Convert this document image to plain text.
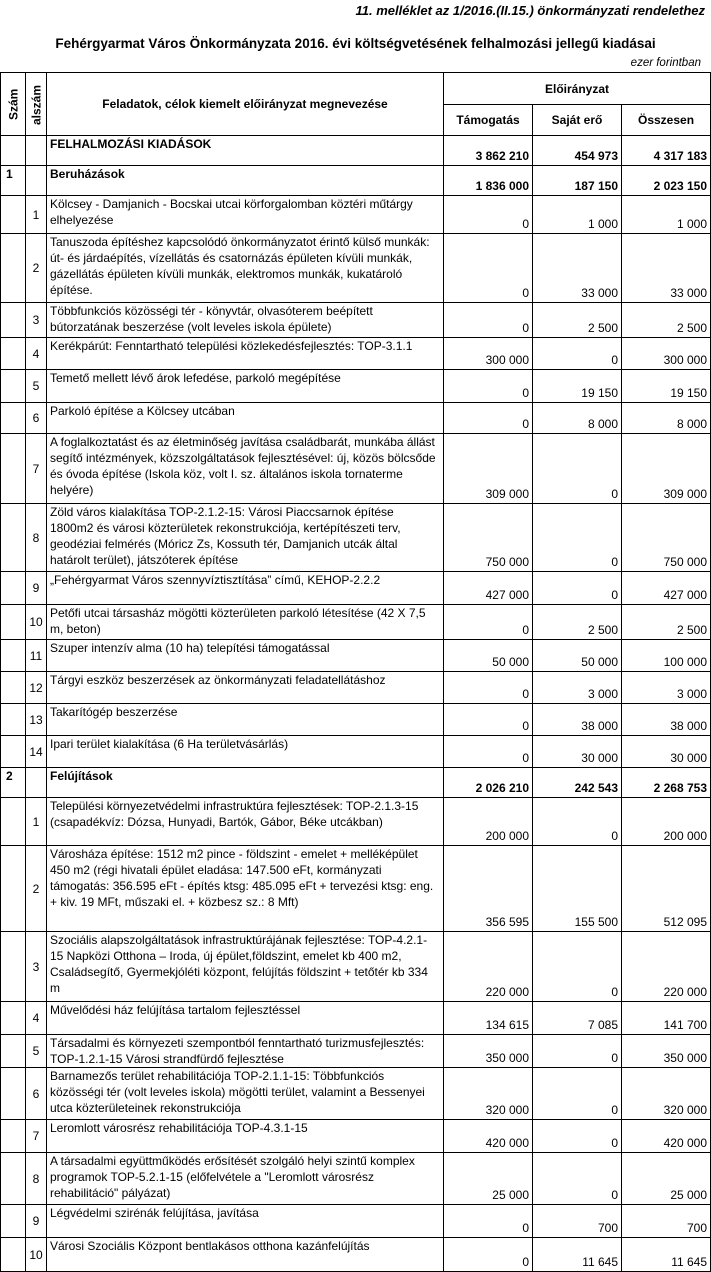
11. melléklet az 1/2016.(II.15.) önkormányzati rendelethez
Fehérgyarmat Város Önkormányzata 2016. évi költségvetésének felhalmozási jellegű kiadásai
ezer forintban
Szám	alszám	Feladatok, célok kiemelt előirányzat megnevezése	Előirányzat		
			Támogatás	Saját erő	Összesen
		FELHALMOZÁSI KIADÁSOK	3 862 210	454 973	4 317 183
1		Beruházások	1 836 000	187 150	2 023 150
	1	Kölcsey - Damjanich - Bocskai utcai körforgalomban köztéri műtárgy elhelyezése	0	1 000	1 000
	2	Tanuszoda építéshez kapcsolódó önkormányzatot érintő külső munkák: út- és járdaépítés, vízellátás és csatornázás épületen kívüli munkák, gázellátás épületen kívüli munkák, elektromos munkák, kukatároló építése.	0	33 000	33 000
	3	Többfunkciós közösségi tér - könyvtár, olvasóterem beépített bútorzatának beszerzése (volt leveles iskola épülete)	0	2 500	2 500
	4	Kerékpárút: Fenntartható települési közlekedésfejlesztés: TOP-3.1.1	300 000	0	300 000
	5	Temető mellett lévő árok lefedése, parkoló megépítése	0	19 150	19 150
	6	Parkoló építése a Kölcsey utcában	0	8 000	8 000
	7	A foglalkoztatást és az életminőség javítása családbarát, munkába állást segítő intézmények, közszolgáltatások fejlesztésével: új, közös bölcsőde és óvoda építése (Iskola köz, volt I. sz. általános iskola tornaterme helyére)	309 000	0	309 000
	8	Zöld város kialakítása TOP-2.1.2-15: Városi Piaccsarnok építése 1800m2 és városi közterületek rekonstrukciója, kertépítészeti terv, geodéziai felmérés (Móricz Zs, Kossuth tér, Damjanich utcák által határolt terület), játszóterek építése	750 000	0	750 000
	9	„Fehérgyarmat Város szennyvíztisztítása” című, KEHOP-2.2.2	427 000	0	427 000
	10	Petőfi utcai társasház mögötti közterületen parkoló létesítése (42 X 7,5 m, beton)	0	2 500	2 500
	11	Szuper intenzív alma (10 ha) telepítési támogatással	50 000	50 000	100 000
	12	Tárgyi eszköz beszerzések az önkormányzati feladatellátáshoz	0	3 000	3 000
	13	Takarítógép beszerzése	0	38 000	38 000
	14	Ipari terület kialakítása (6 Ha területvásárlás)	0	30 000	30 000
2		Felújítások	2 026 210	242 543	2 268 753
	1	Települési környezetvédelmi infrastruktúra fejlesztések: TOP-2.1.3-15 (csapadékvíz: Dózsa, Hunyadi, Bartók, Gábor, Béke utcákban)	200 000	0	200 000
	2	Városháza építése: 1512 m2 pince - földszint - emelet + melléképület 450 m2 (régi hivatali épület eladása: 147.500 eFt, kormányzati támogatás: 356.595 eFt - építés ktsg: 485.095 eFt + tervezési ktsg: eng. + kiv. 19 MFt, műszaki el. + közbesz sz.: 8 Mft)	356 595	155 500	512 095
	3	Szociális alapszolgáltatások infrastruktúrájának fejlesztése: TOP-4.2.1-15 Napközi Otthona – Iroda, új épület,földszint, emelet kb 400 m2, Családsegítő, Gyermekjóléti központ, felújítás földszint + tetőtér kb 334 m	220 000	0	220 000
	4	Művelődési ház felújítása tartalom fejlesztéssel	134 615	7 085	141 700
	5	Társadalmi és környezeti szempontból fenntartható turizmusfejlesztés: TOP-1.2.1-15 Városi strandfürdő fejlesztése	350 000	0	350 000
	6	Barnamezős terület rehabilitációja TOP-2.1.1-15: Többfunkciós közösségi tér (volt leveles iskola) mögötti terület, valamint a Bessenyei utca közterületeinek rekonstrukciója	320 000	0	320 000
	7	Leromlott városrész rehabilitációja TOP-4.3.1-15	420 000	0	420 000
	8	A társadalmi együttműködés erősítését szolgáló helyi szintű komplex programok TOP-5.2.1-15 (előfelvétele a "Leromlott városrész rehabilitáció" pályázat)	25 000	0	25 000
	9	Légvédelmi szirénák felújítása, javítása	0	700	700
	10	Városi Szociális Központ bentlakásos otthona kazánfelújítás	0	11 645	11 645
